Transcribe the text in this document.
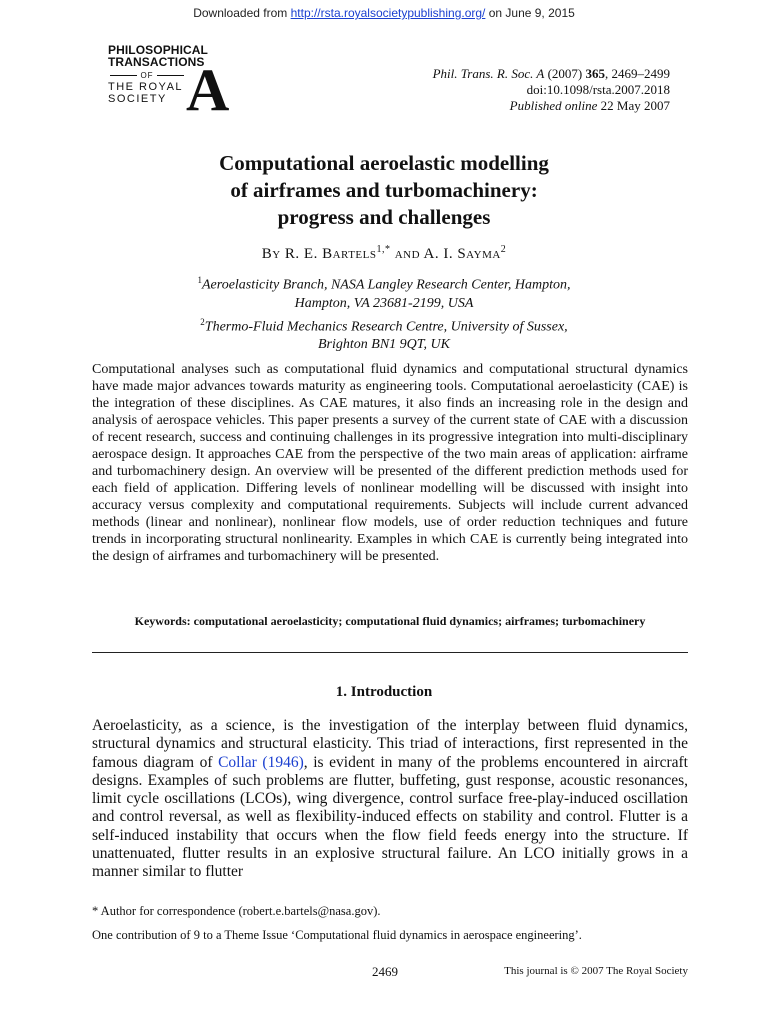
Downloaded from http://rsta.royalsocietypublishing.org/ on June 9, 2015
PHILOSOPHICAL
TRANSACTIONS
OF
THE ROYAL
SOCIETY A	Phil. Trans. R. Soc. A (2007) 365, 2469–2499
doi:10.1098/rsta.2007.2018
Published online 22 May 2007
Computational aeroelastic modelling
of airframes and turbomachinery:
progress and challenges
By R. E. Bartels$^{1,*}$ and A. I. Sayma$^2$
$^1$Aeroelasticity Branch, NASA Langley Research Center, Hampton,
Hampton, VA 23681-2199, USA
$^2$Thermo-Fluid Mechanics Research Centre, University of Sussex,
Brighton BN1 9QT, UK

Computational analyses such as computational fluid dynamics and computational structural dynamics have made major advances towards maturity as engineering tools. Computational aeroelasticity (CAE) is the integration of these disciplines. As CAE matures, it also finds an increasing role in the design and analysis of aerospace vehicles. This paper presents a survey of the current state of CAE with a discussion of recent research, success and continuing challenges in its progressive integration into multi-disciplinary aerospace design. It approaches CAE from the perspective of the two main areas of application: airframe and turbomachinery design. An overview will be presented of the different prediction methods used for each field of application. Differing levels of nonlinear modelling will be discussed with insight into accuracy versus complexity and computational requirements. Subjects will include current advanced methods (linear and nonlinear), nonlinear flow models, use of order reduction techniques and future trends in incorporating structural nonlinearity. Examples in which CAE is currently being integrated into the design of airframes and turbomachinery will be presented.

Keywords: computational aeroelasticity; computational fluid dynamics; airframes; turbomachinery
1. Introduction

Aeroelasticity, as a science, is the investigation of the interplay between fluid dynamics, structural dynamics and structural elasticity. This triad of interactions, first represented in the famous diagram of Collar (1946), is evident in many of the problems encountered in aircraft designs. Examples of such problems are flutter, buffeting, gust response, acoustic resonances, limit cycle oscillations (LCOs), wing divergence, control surface free-play-induced oscillation and control reversal, as well as flexibility-induced effects on stability and control. Flutter is a self-induced instability that occurs when the flow field feeds energy into the structure. If unattenuated, flutter results in an explosive structural failure. An LCO initially grows in a manner similar to flutter

* Author for correspondence (robert.e.bartels@nasa.gov).
One contribution of 9 to a Theme Issue ‘Computational fluid dynamics in aerospace engineering’.
2469	This journal is © 2007 The Royal Society
